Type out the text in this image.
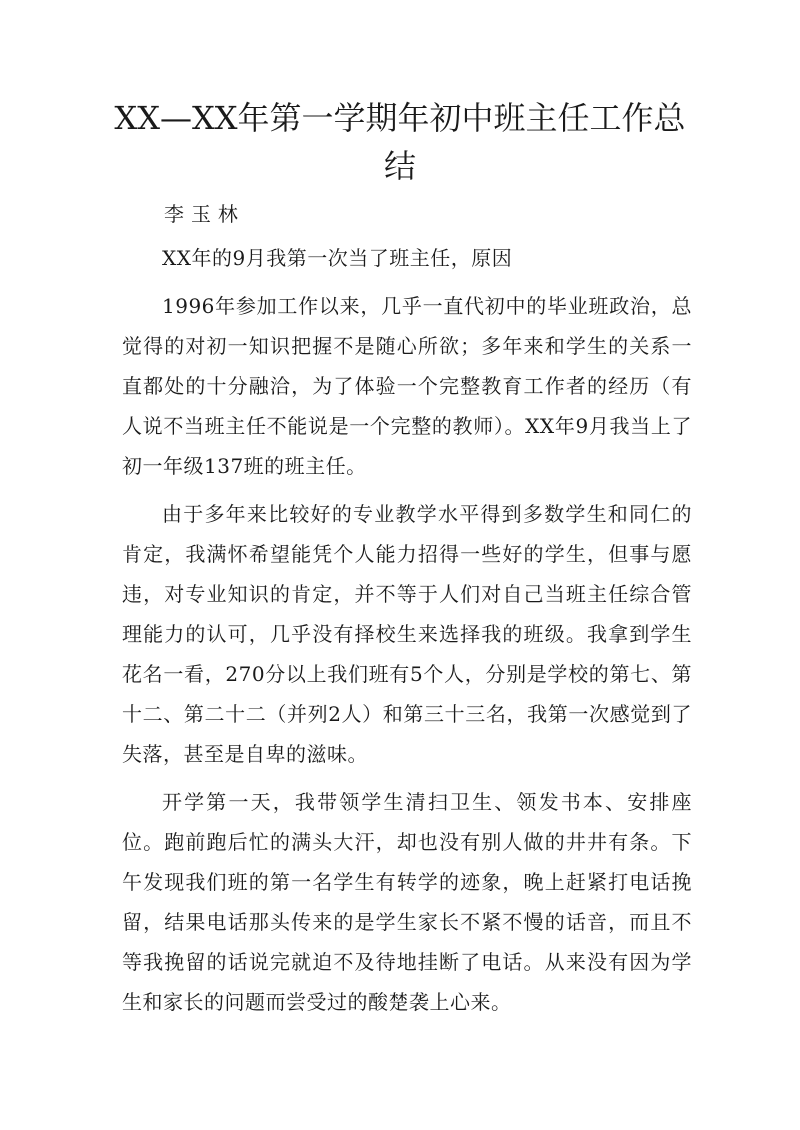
XX—XX年第一学期年初中班主任工作总结
李 玉 林

XX年的9月我第一次当了班主任，原因

1996年参加工作以来，几乎一直代初中的毕业班政治，总觉得的对初一知识把握不是随心所欲；多年来和学生的关系一直都处的十分融洽，为了体验一个完整教育工作者的经历（有人说不当班主任不能说是一个完整的教师）。XX年9月我当上了初一年级137班的班主任。

由于多年来比较好的专业教学水平得到多数学生和同仁的肯定，我满怀希望能凭个人能力招得一些好的学生，但事与愿违，对专业知识的肯定，并不等于人们对自己当班主任综合管理能力的认可，几乎没有择校生来选择我的班级。我拿到学生花名一看，270分以上我们班有5个人，分别是学校的第七、第十二、第二十二（并列2人）和第三十三名，我第一次感觉到了失落，甚至是自卑的滋味。

开学第一天，我带领学生清扫卫生、领发书本、安排座位。跑前跑后忙的满头大汗，却也没有别人做的井井有条。下午发现我们班的第一名学生有转学的迹象，晚上赶紧打电话挽留，结果电话那头传来的是学生家长不紧不慢的话音，而且不等我挽留的话说完就迫不及待地挂断了电话。从来没有因为学生和家长的问题而尝受过的酸楚袭上心来。
